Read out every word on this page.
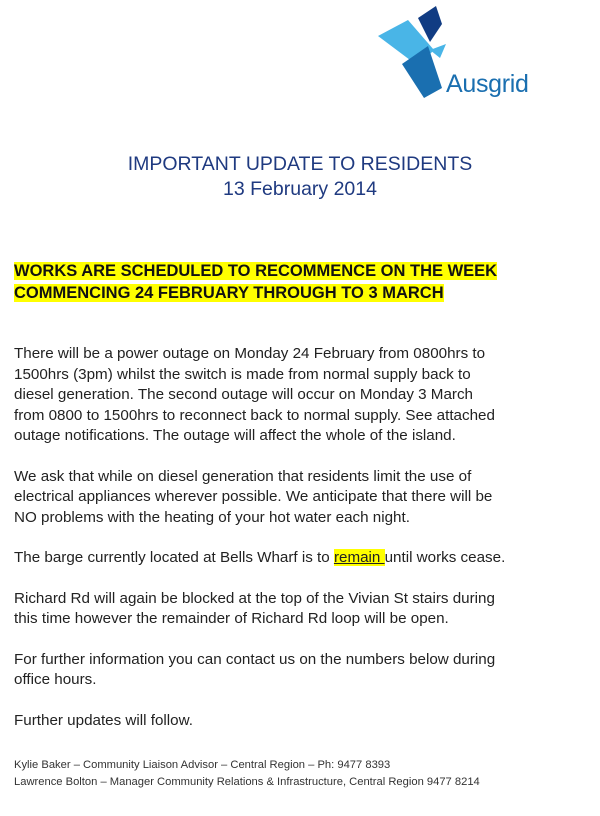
Ausgrid
IMPORTANT UPDATE TO RESIDENTS
13 February 2014
WORKS ARE SCHEDULED TO RECOMMENCE ON THE WEEK
COMMENCING 24 FEBRUARY THROUGH TO 3 MARCH

There will be a power outage on Monday 24 February from 0800hrs to
1500hrs (3pm) whilst the switch is made from normal supply back to
diesel generation. The second outage will occur on Monday 3 March
from 0800 to 1500hrs to reconnect back to normal supply. See attached
outage notifications. The outage will affect the whole of the island.

We ask that while on diesel generation that residents limit the use of
electrical appliances wherever possible. We anticipate that there will be
NO problems with the heating of your hot water each night.

The barge currently located at Bells Wharf is to remain until works cease.

Richard Rd will again be blocked at the top of the Vivian St stairs during
this time however the remainder of Richard Rd loop will be open.

For further information you can contact us on the numbers below during
office hours.

Further updates will follow.

Kylie Baker – Community Liaison Advisor – Central Region – Ph: 9477 8393
Lawrence Bolton – Manager Community Relations & Infrastructure, Central Region 9477 8214
